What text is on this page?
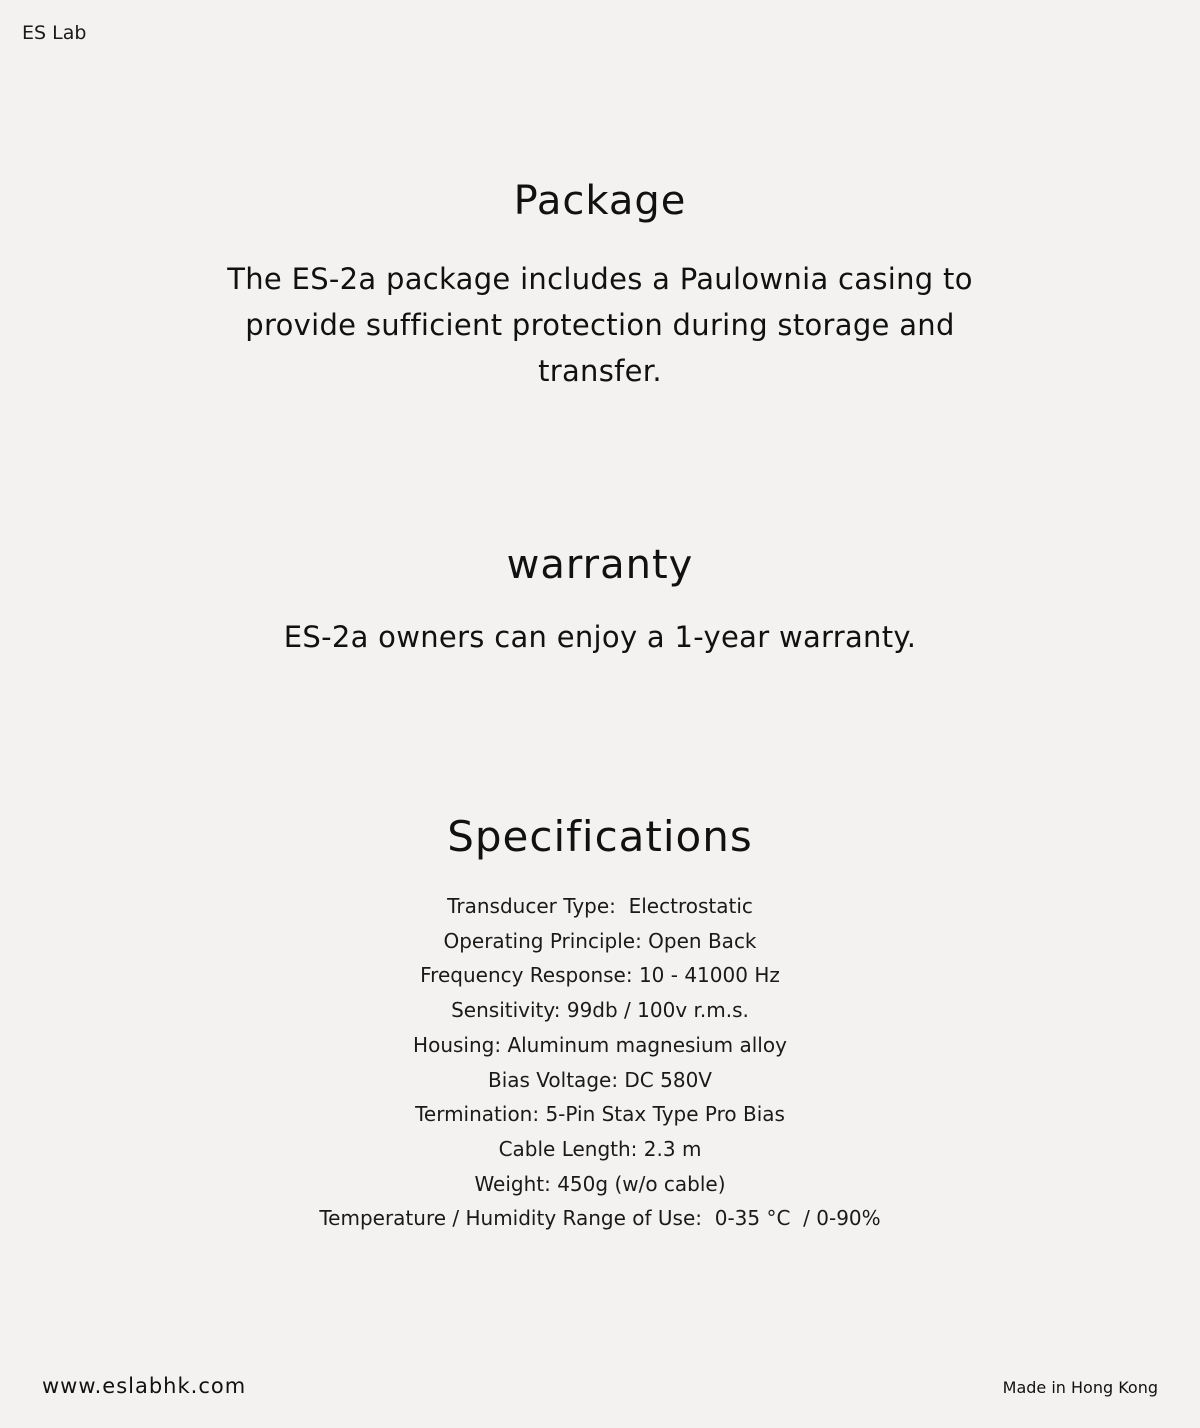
ES Lab
Package

The ES-2a package includes a Paulownia casing to provide sufficient protection during storage and transfer.

warranty

ES-2a owners can enjoy a 1-year warranty.

Specifications
Transducer Type:  Electrostatic
Operating Principle: Open Back
Frequency Response: 10 - 41000 Hz
Sensitivity: 99db / 100v r.m.s.
Housing: Aluminum magnesium alloy
Bias Voltage: DC 580V
Termination: 5-Pin Stax Type Pro Bias
Cable Length: 2.3 m
Weight: 450g (w/o cable)
Temperature / Humidity Range of Use:  0-35 °C  / 0-90%
www.eslabhk.com	Made in Hong Kong
